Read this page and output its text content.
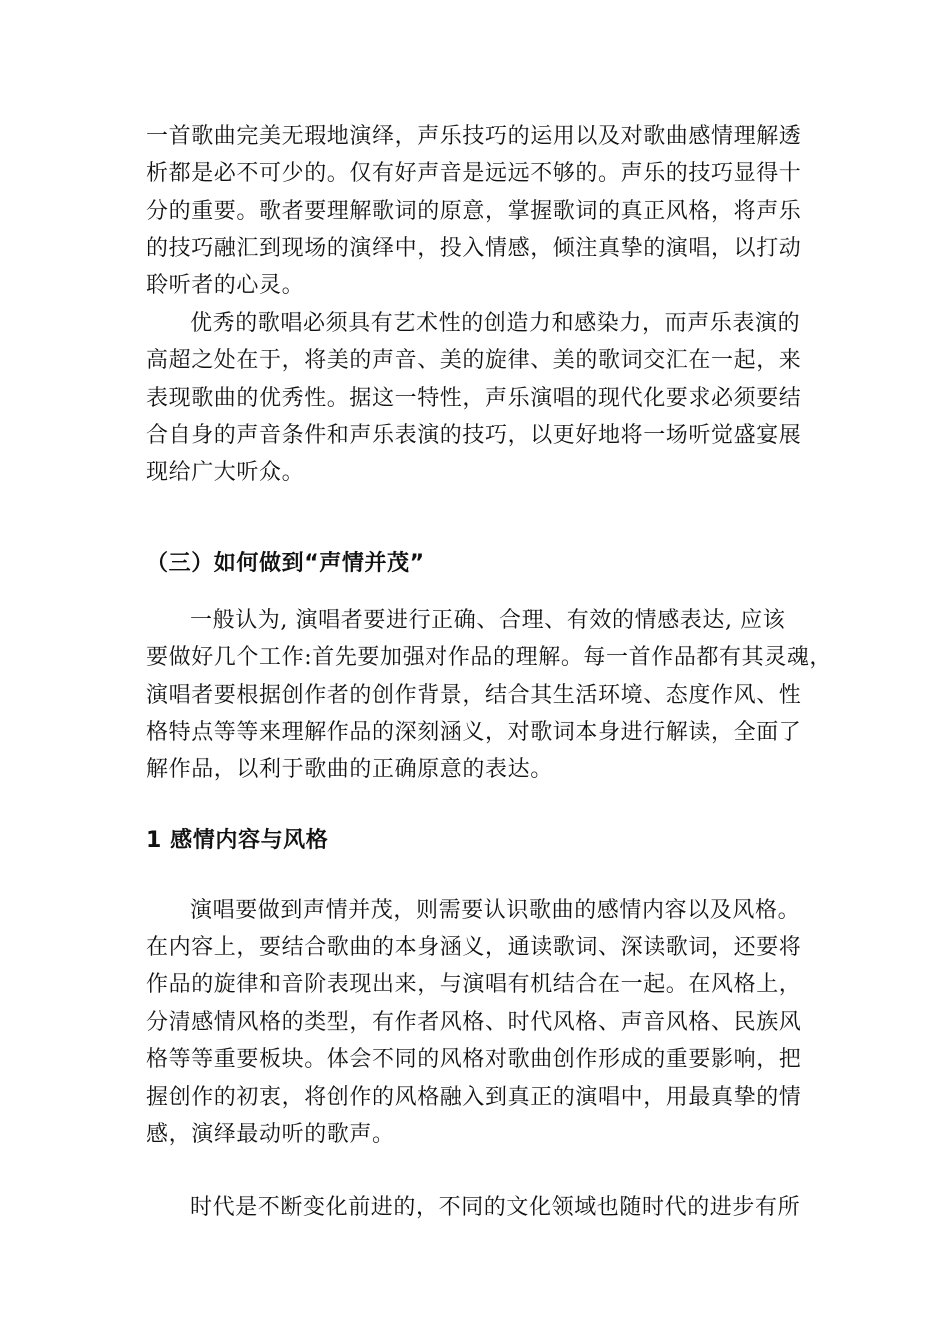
一首歌曲完美无瑕地演绎，声乐技巧的运用以及对歌曲感情理解透
析都是必不可少的。仅有好声音是远远不够的。声乐的技巧显得十
分的重要。歌者要理解歌词的原意，掌握歌词的真正风格，将声乐
的技巧融汇到现场的演绎中，投入情感，倾注真挚的演唱，以打动
聆听者的心灵。
优秀的歌唱必须具有艺术性的创造力和感染力，而声乐表演的
高超之处在于，将美的声音、美的旋律、美的歌词交汇在一起，来
表现歌曲的优秀性。据这一特性，声乐演唱的现代化要求必须要结
合自身的声音条件和声乐表演的技巧，以更好地将一场听觉盛宴展
现给广大听众。
（三）如何做到“声情并茂”
一般认为, 演唱者要进行正确、合理、有效的情感表达, 应该
要做好几个工作:首先要加强对作品的理解。每一首作品都有其灵魂，
演唱者要根据创作者的创作背景，结合其生活环境、态度作风、性
格特点等等来理解作品的深刻涵义，对歌词本身进行解读，全面了
解作品，以利于歌曲的正确原意的表达。
1 感情内容与风格
演唱要做到声情并茂，则需要认识歌曲的感情内容以及风格。
在内容上，要结合歌曲的本身涵义，通读歌词、深读歌词，还要将
作品的旋律和音阶表现出来，与演唱有机结合在一起。在风格上，
分清感情风格的类型，有作者风格、时代风格、声音风格、民族风
格等等重要板块。体会不同的风格对歌曲创作形成的重要影响，把
握创作的初衷，将创作的风格融入到真正的演唱中，用最真挚的情
感，演绎最动听的歌声。
时代是不断变化前进的，不同的文化领域也随时代的进步有所
